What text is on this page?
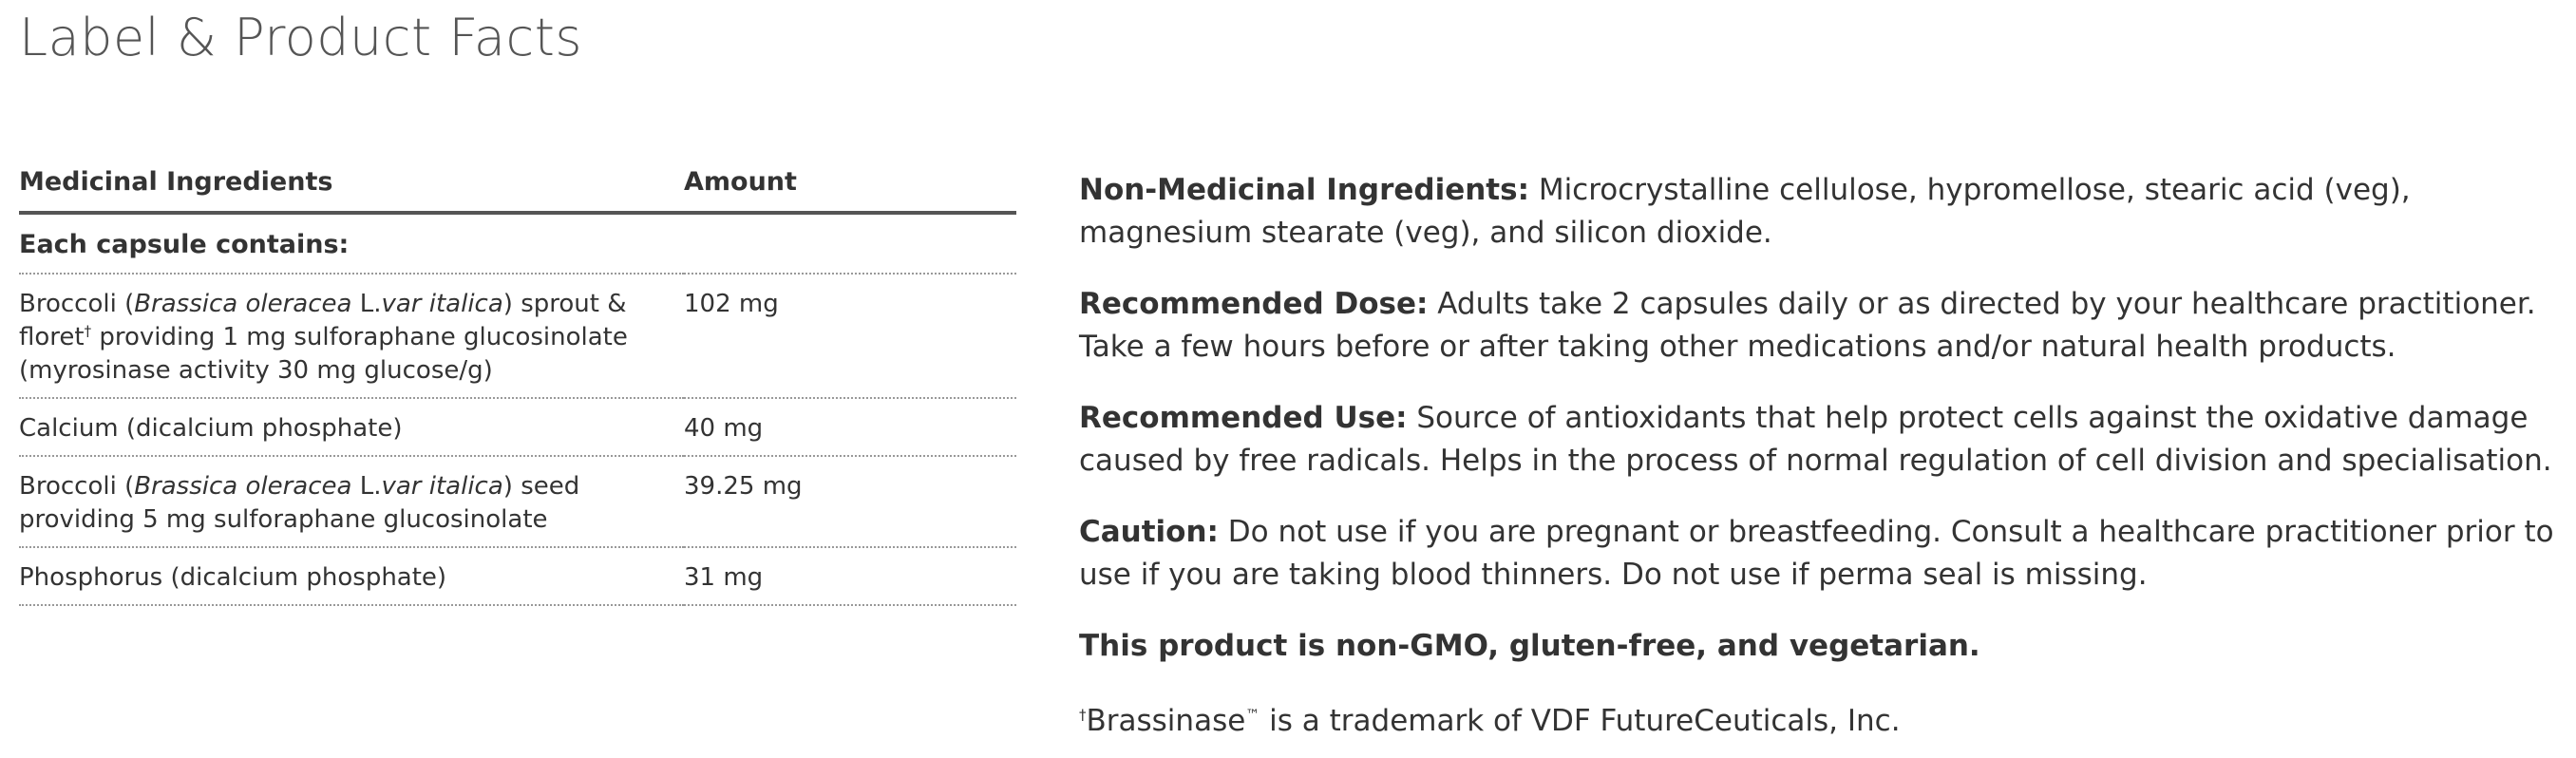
Label & Product Facts
Medicinal Ingredients	Amount
Each capsule contains:	
Broccoli (Brassica oleracea L.var italica) sprout & floret† providing 1 mg sulforaphane glucosinolate (myrosinase activity 30 mg glucose/g)	102 mg
Calcium (dicalcium phosphate)	40 mg
Broccoli (Brassica oleracea L.var italica) seed providing 5 mg sulforaphane glucosinolate	39.25 mg
Phosphorus (dicalcium phosphate)	31 mg

Non-Medicinal Ingredients: Microcrystalline cellulose, hypromellose, stearic acid (veg), magnesium stearate (veg), and silicon dioxide.

Recommended Dose: Adults take 2 capsules daily or as directed by your healthcare practitioner. Take a few hours before or after taking other medications and/or natural health products.

Recommended Use: Source of antioxidants that help protect cells against the oxidative damage caused by free radicals. Helps in the process of normal regulation of cell division and specialisation.

Caution: Do not use if you are pregnant or breastfeeding. Consult a healthcare practitioner prior to use if you are taking blood thinners. Do not use if perma seal is missing.

This product is non-GMO, gluten-free, and vegetarian.

†Brassinase™ is a trademark of VDF FutureCeuticals, Inc.
